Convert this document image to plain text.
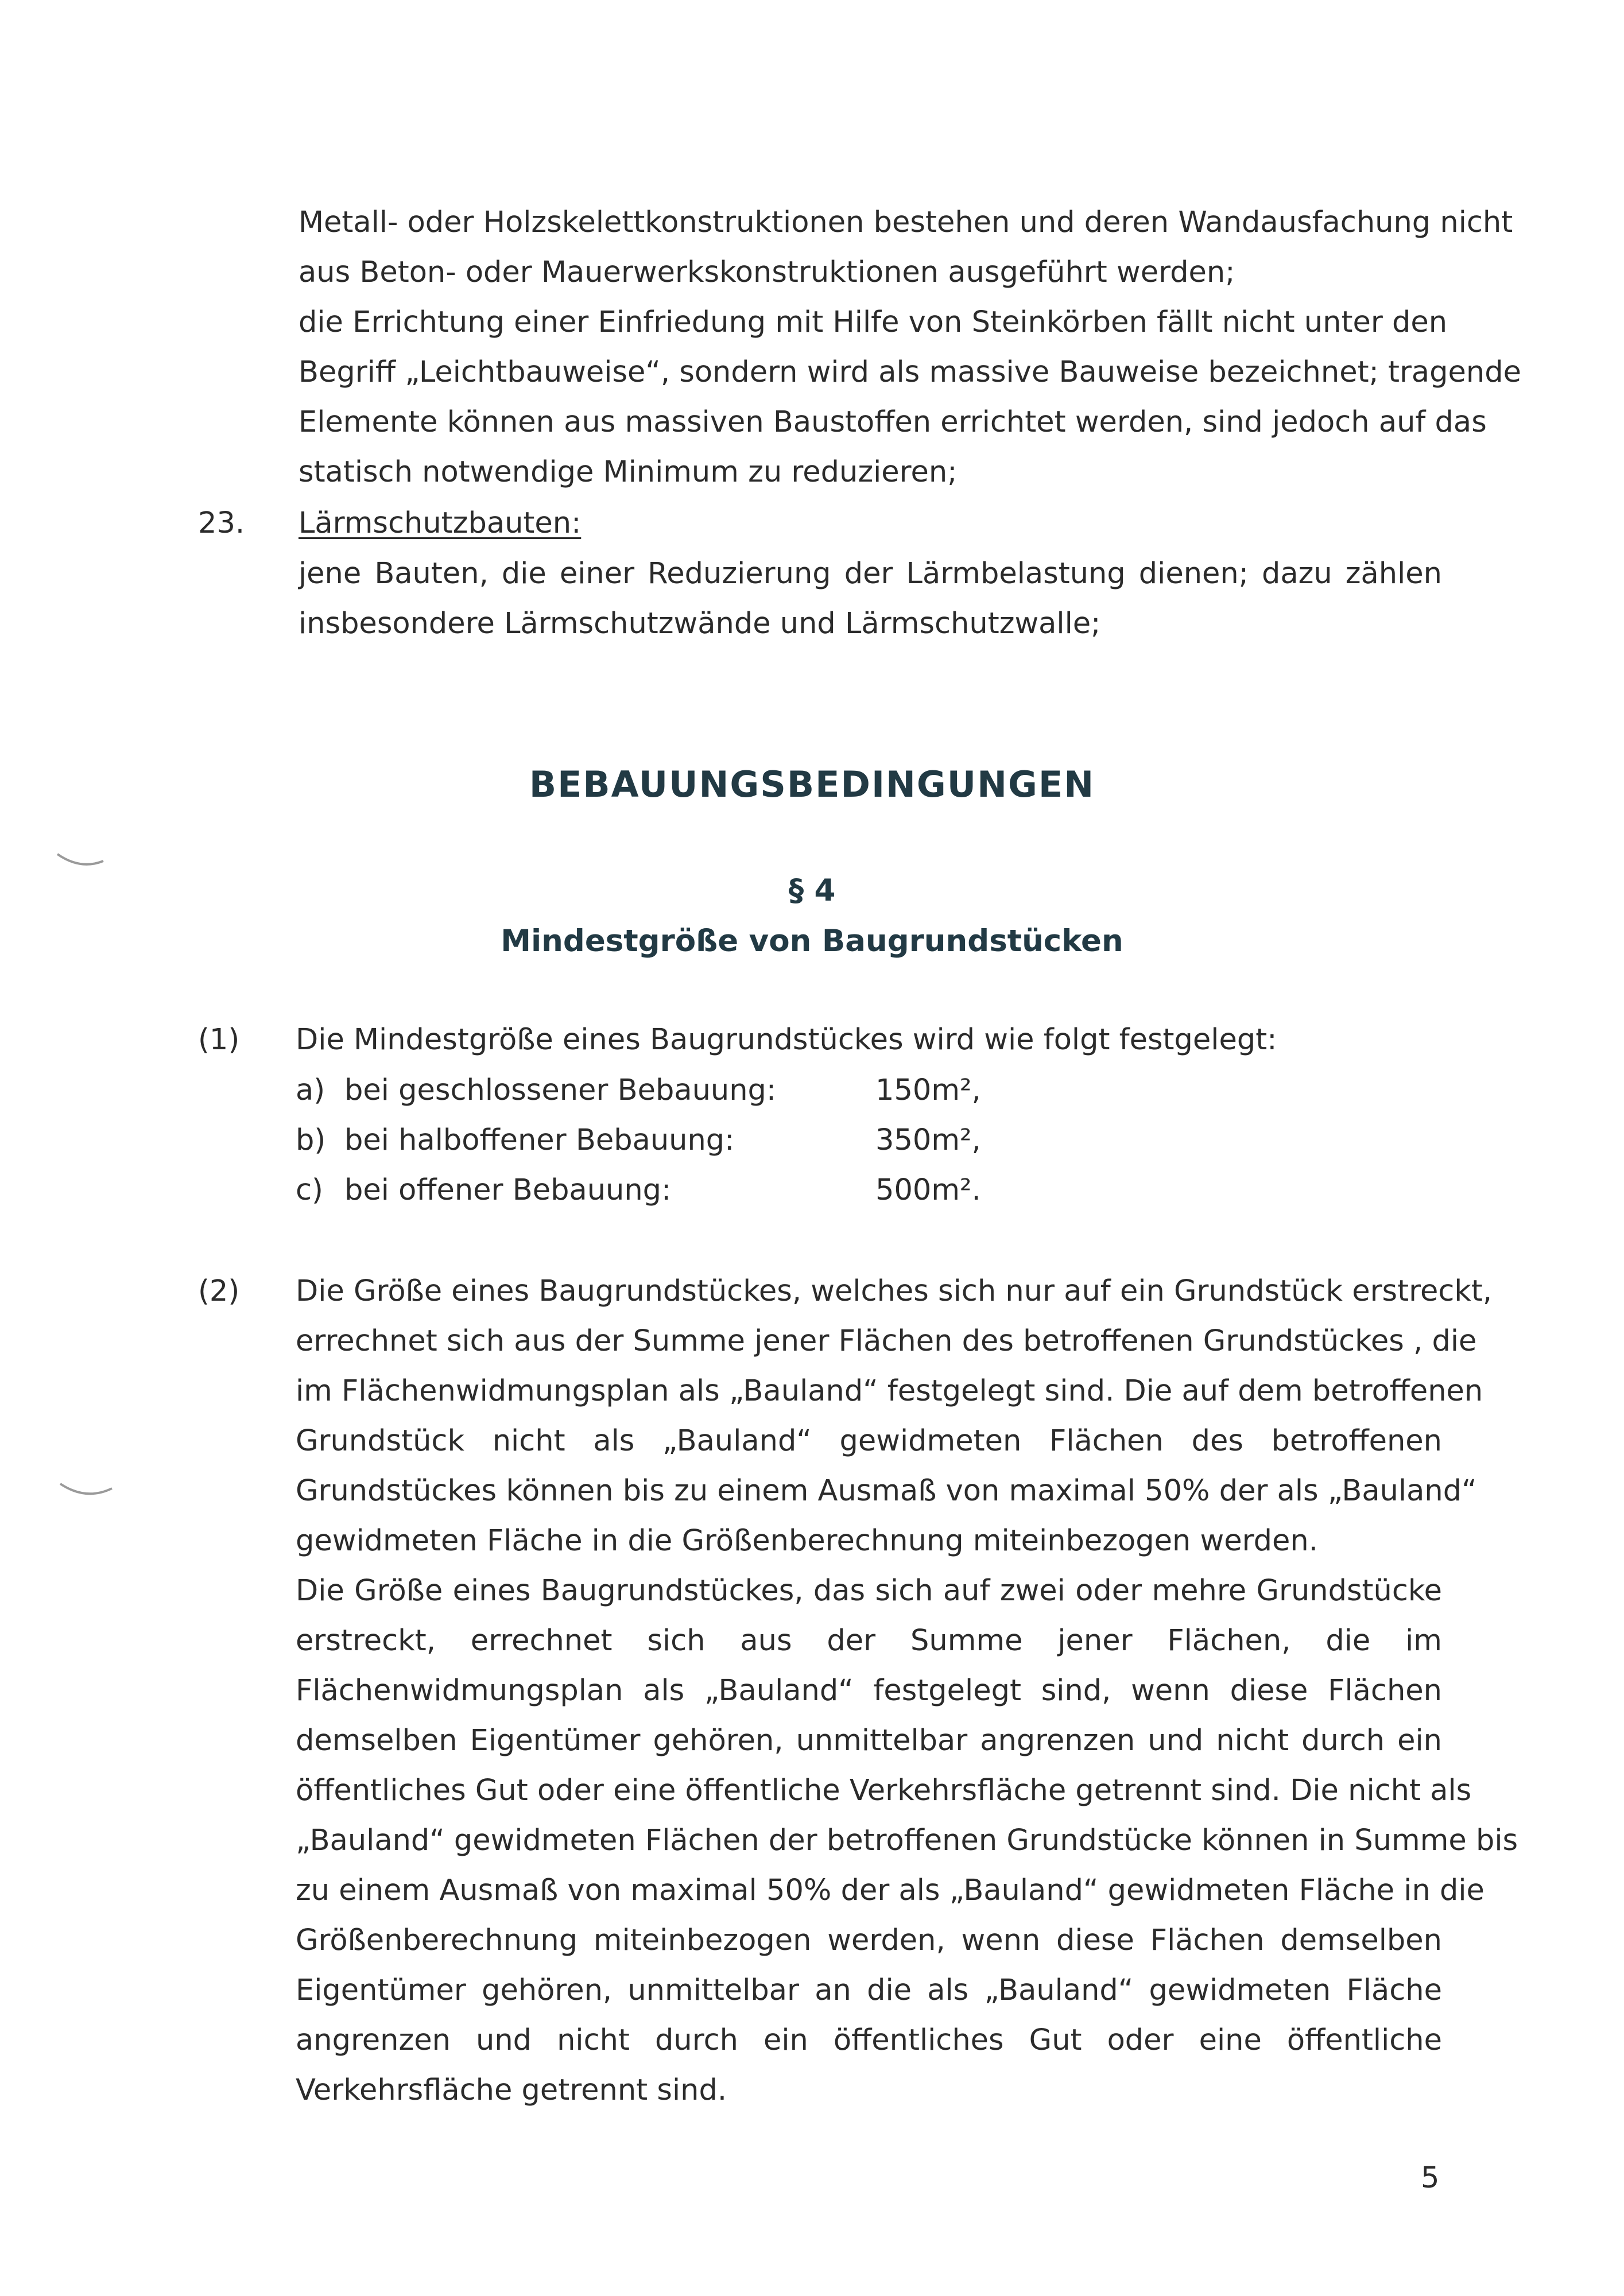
Metall- oder Holzskelettkonstruktionen bestehen und deren Wandausfachung nicht
aus Beton- oder Mauerwerkskonstruktionen ausgeführt werden;
die Errichtung einer Einfriedung mit Hilfe von Steinkörben fällt nicht unter den
Begriff „Leichtbauweise“, sondern wird als massive Bauweise bezeichnet; tragende
Elemente können aus massiven Baustoffen errichtet werden, sind jedoch auf das
statisch notwendige Minimum zu reduzieren;
23. Lärmschutzbauten:
jene Bauten, die einer Reduzierung der Lärmbelastung dienen; dazu zählen
insbesondere Lärmschutzwände und Lärmschutzwalle;
BEBAUUNGSBEDINGUNGEN
§ 4
Mindestgröße von Baugrundstücken
(1) Die Mindestgröße eines Baugrundstückes wird wie folgt festgelegt:
a) bei geschlossener Bebauung:	150m²,
b) bei halboffener Bebauung:	350m²,
c) bei offener Bebauung:	500m².
(2) Die Größe eines Baugrundstückes, welches sich nur auf ein Grundstück erstreckt,
errechnet sich aus der Summe jener Flächen des betroffenen Grundstückes , die
im Flächenwidmungsplan als „Bauland“ festgelegt sind. Die auf dem betroffenen
Grundstück nicht als „Bauland“ gewidmeten Flächen des betroffenen
Grundstückes können bis zu einem Ausmaß von maximal 50% der als „Bauland“
gewidmeten Fläche in die Größenberechnung miteinbezogen werden.
Die Größe eines Baugrundstückes, das sich auf zwei oder mehre Grundstücke
erstreckt, errechnet sich aus der Summe jener Flächen, die im
Flächenwidmungsplan als „Bauland“ festgelegt sind, wenn diese Flächen
demselben Eigentümer gehören, unmittelbar angrenzen und nicht durch ein
öffentliches Gut oder eine öffentliche Verkehrsfläche getrennt sind. Die nicht als
„Bauland“ gewidmeten Flächen der betroffenen Grundstücke können in Summe bis
zu einem Ausmaß von maximal 50% der als „Bauland“ gewidmeten Fläche in die
Größenberechnung miteinbezogen werden, wenn diese Flächen demselben
Eigentümer gehören, unmittelbar an die als „Bauland“ gewidmeten Fläche
angrenzen und nicht durch ein öffentliches Gut oder eine öffentliche
Verkehrsfläche getrennt sind.
5
